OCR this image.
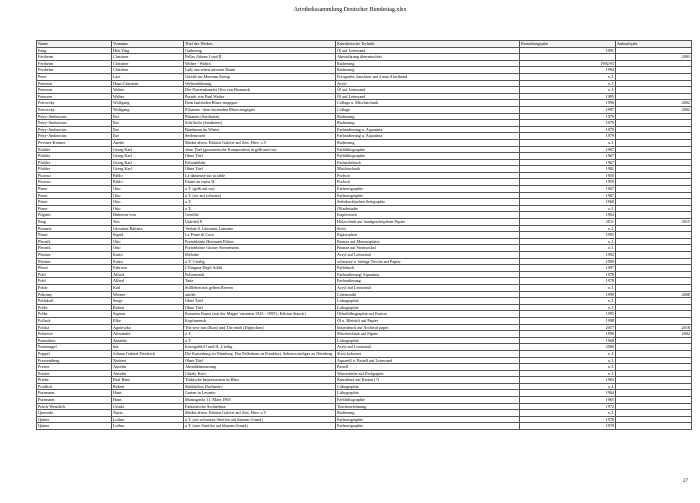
Artothekssammlung Deutscher Bundestag.xlsx
Name	Vorname	Titel des Werkes	Künstlerische Technik	Entstehungsjahr	Ankaufsjahr
Fang	Hoh Ying	Gathering	Öl auf Leinwand	1991	
Fertheim	Christine	Pellas Athene I und II	Atmosfärung übermischtet		2003
Fertheim	Christine	Woher - Wohin	Radierung	1992/93	
Fertheim	Christine	Laßt uns retten unseren Baum	Radierung	1994	
Peter	Lars	Giraffe im Museum König	Fotografie, kaschiert auf 4 mm Alucibond	o.J.	
Petersen	Hans-Christian	Weltentführung	Acryl	o.J.	
Petersen	Walter	Der Fürstenkanzler Otto von Bismarck	Öl auf Leinwand	o.J.	
Petersen	Walter	Porträt von Paul Walter	Öl auf Leinwand	1995	
Petrovsky	Wolfgang	Dem laufenden Blues entgegen	Collage u. Mischtechnik	1996	2002
Petrovsky	Wolfgang	Pflanzen - dem laufenden Blues entgegen	Collage	1997	2002
Petry-Ambrosius	Ilse	Platanen (Sardinien)	Radierung	1979	
Petry-Ambrosius	Ilse	Schilfrohr (Sardinien)	Radierung	1979	
Petry-Ambrosius	Ilse	Birnbaum im Winter	Farbradierung u. Aquatinta	1979	
Petry-Ambrosius	Ilse	Seelenrosen	Farbradierung u. Aquatinta	1979	
Pevsner-Krämer	Anette	Medea altera. Edition Galerie auf Zeit. Hier: o.T.	Radierung	o.J.	
Pfahler	Georg Karl	ohne Titel (geometrische Komposition in gelb und rot)	Farblithographie	1967	
Pfahler	Georg Karl	Ohne Titel	Farblithographie	1967	
Pfahler	Georg Karl	Felsenbilder	Farbsiebdruck	1967	
Pfahler	Georg Karl	Ohne Titel	Mischtechnik	1981	
Picasso	Pablo	La danseuse sur la table	Pochoir	1950	
Picasso	Pablo	Faune au repos II	Pochoir	1959	
Piene	Otto	o.T. (gelb auf rot)	Farbserigraphie	1967	
Piene	Otto	o.T. (rot auf schwarz)	Farbserigraphie	1967	
Piene	Otto	o.T.	Siebdruckfarben Serigraphie	1968	
Piene	Otto	o.T.	Ölfarbstudie	o.J.	
Pilgrim	Hubertus von	Geröller	Kupferstich	1963	
Ping	Ton	Untitled 8	Holzschnitt auf handgeschöpftem Papier	2011	2015
Piranesi	Giovanni Battista	Vedute 8. Giovanni Laterano	Stich	o.J.	
Pitzer	Ingrid	Le Ponte di Cavo	Papierarbeit	1995	
Plecnik	Otto	Porträtbüste Hermann Ehlers	Bronze auf Marmorplatte	o.J.	
Plecnik	Otto	Porträtbüste Gustav Stresemann	Bronze auf Steinsockel	o.J.	
Plenker	Karin	Melodie	Acryl auf Leinwand	1992	
Plenker	Karin	o.T. 3-teilig	schwarze u. farbige Tusche auf Papier	1989	
Plessi	Fabrizio	L'Enigma Degli Addii	Farbdruck	1997	
Pohl	Alfred	Felsenstadt	Farbradierung/ Aquatinta	1978	
Pohl	Alfred	Tanz	Farbradierung	1978	
Pohle	Karl	Stillleben mit gelben Beeren	Acryl auf Leinwand	o.J.	
Pokorny	Werner	auf/ab	Cortenstahl	1999	2008
Pollakoff	Serge	Ohne Titel	Lithographie	o.J.	
Polke	Robert	Ohne Titel	Lithographie	o.J.	
Polke	Sigmar	Entartete Kunst (aus der Mappe 'erinnern 1945 - 1995'); Edition Staeck)	Offsetlithographie auf Karton	1995	
Pollack	Elke	Kopfmensch	Öl u. Bleistift auf Papier	1998	
Polska	Agnieszka	The new sun (Ikon) und The earth (Diptychon)	Inkjetdruck auf Archival paper	2017	2018
Polsterer	Alexander	o.T.	Mischtechnik auf Papier	1990	2002
Pomodoro	Arnaldo	o.T.	Lithographie	1968	
Pontenagel	Ina	Irrwegebild I und II, 2-teilig	Acryl auf Leinwand	2000	
Poppel	Johann Gabriel Friedrich	Die Kaiserburg zu Nürnberg. Das Pellerhaus in Frankfurt, Sehenswürdiges zu Nürnberg	Stich koloriert	o.J.	
Pressentberg	Norbert	Ohne Titel	Aquarell u. Pastell auf Leinwand	o.J.	
Prester	Anselm	Abenddämmerung	Pastell	o.J.	
Prester	Anselm	Cherly Kiwi	Wasserfarbe auf Packpapier	o.J.	
Priebe	Paul Hans	Türkische Impressionen in Blau	Kunstharz auf Karton (?)	1965	
Prudlich	Robert	Städtisches Dorfmotiv	Lithographie	o.J.	
Purrmann	Hans	Garten in Levanto	Lithographie	1964	
Purrmann	Hans	Montagnola 11. März 1965	Farblithographie	1965	
Pusch-Wenzlich	Ursula	Fantastische Architektur	Tuschezeichnung	1972	
Quevedo	Nuria	Medea altera. Edition Galerie auf Zeit. Hier: o.T.	Radierung	o.J.	
Quinte	Lothar	o.T. (rot-schwarze Streifen auf blauem Grund)	Farbserigraphie	1970	
Quinte	Lothar	o.T. (rote Streifen auf blauem Grund)	Farbserigraphie	1970	
27
